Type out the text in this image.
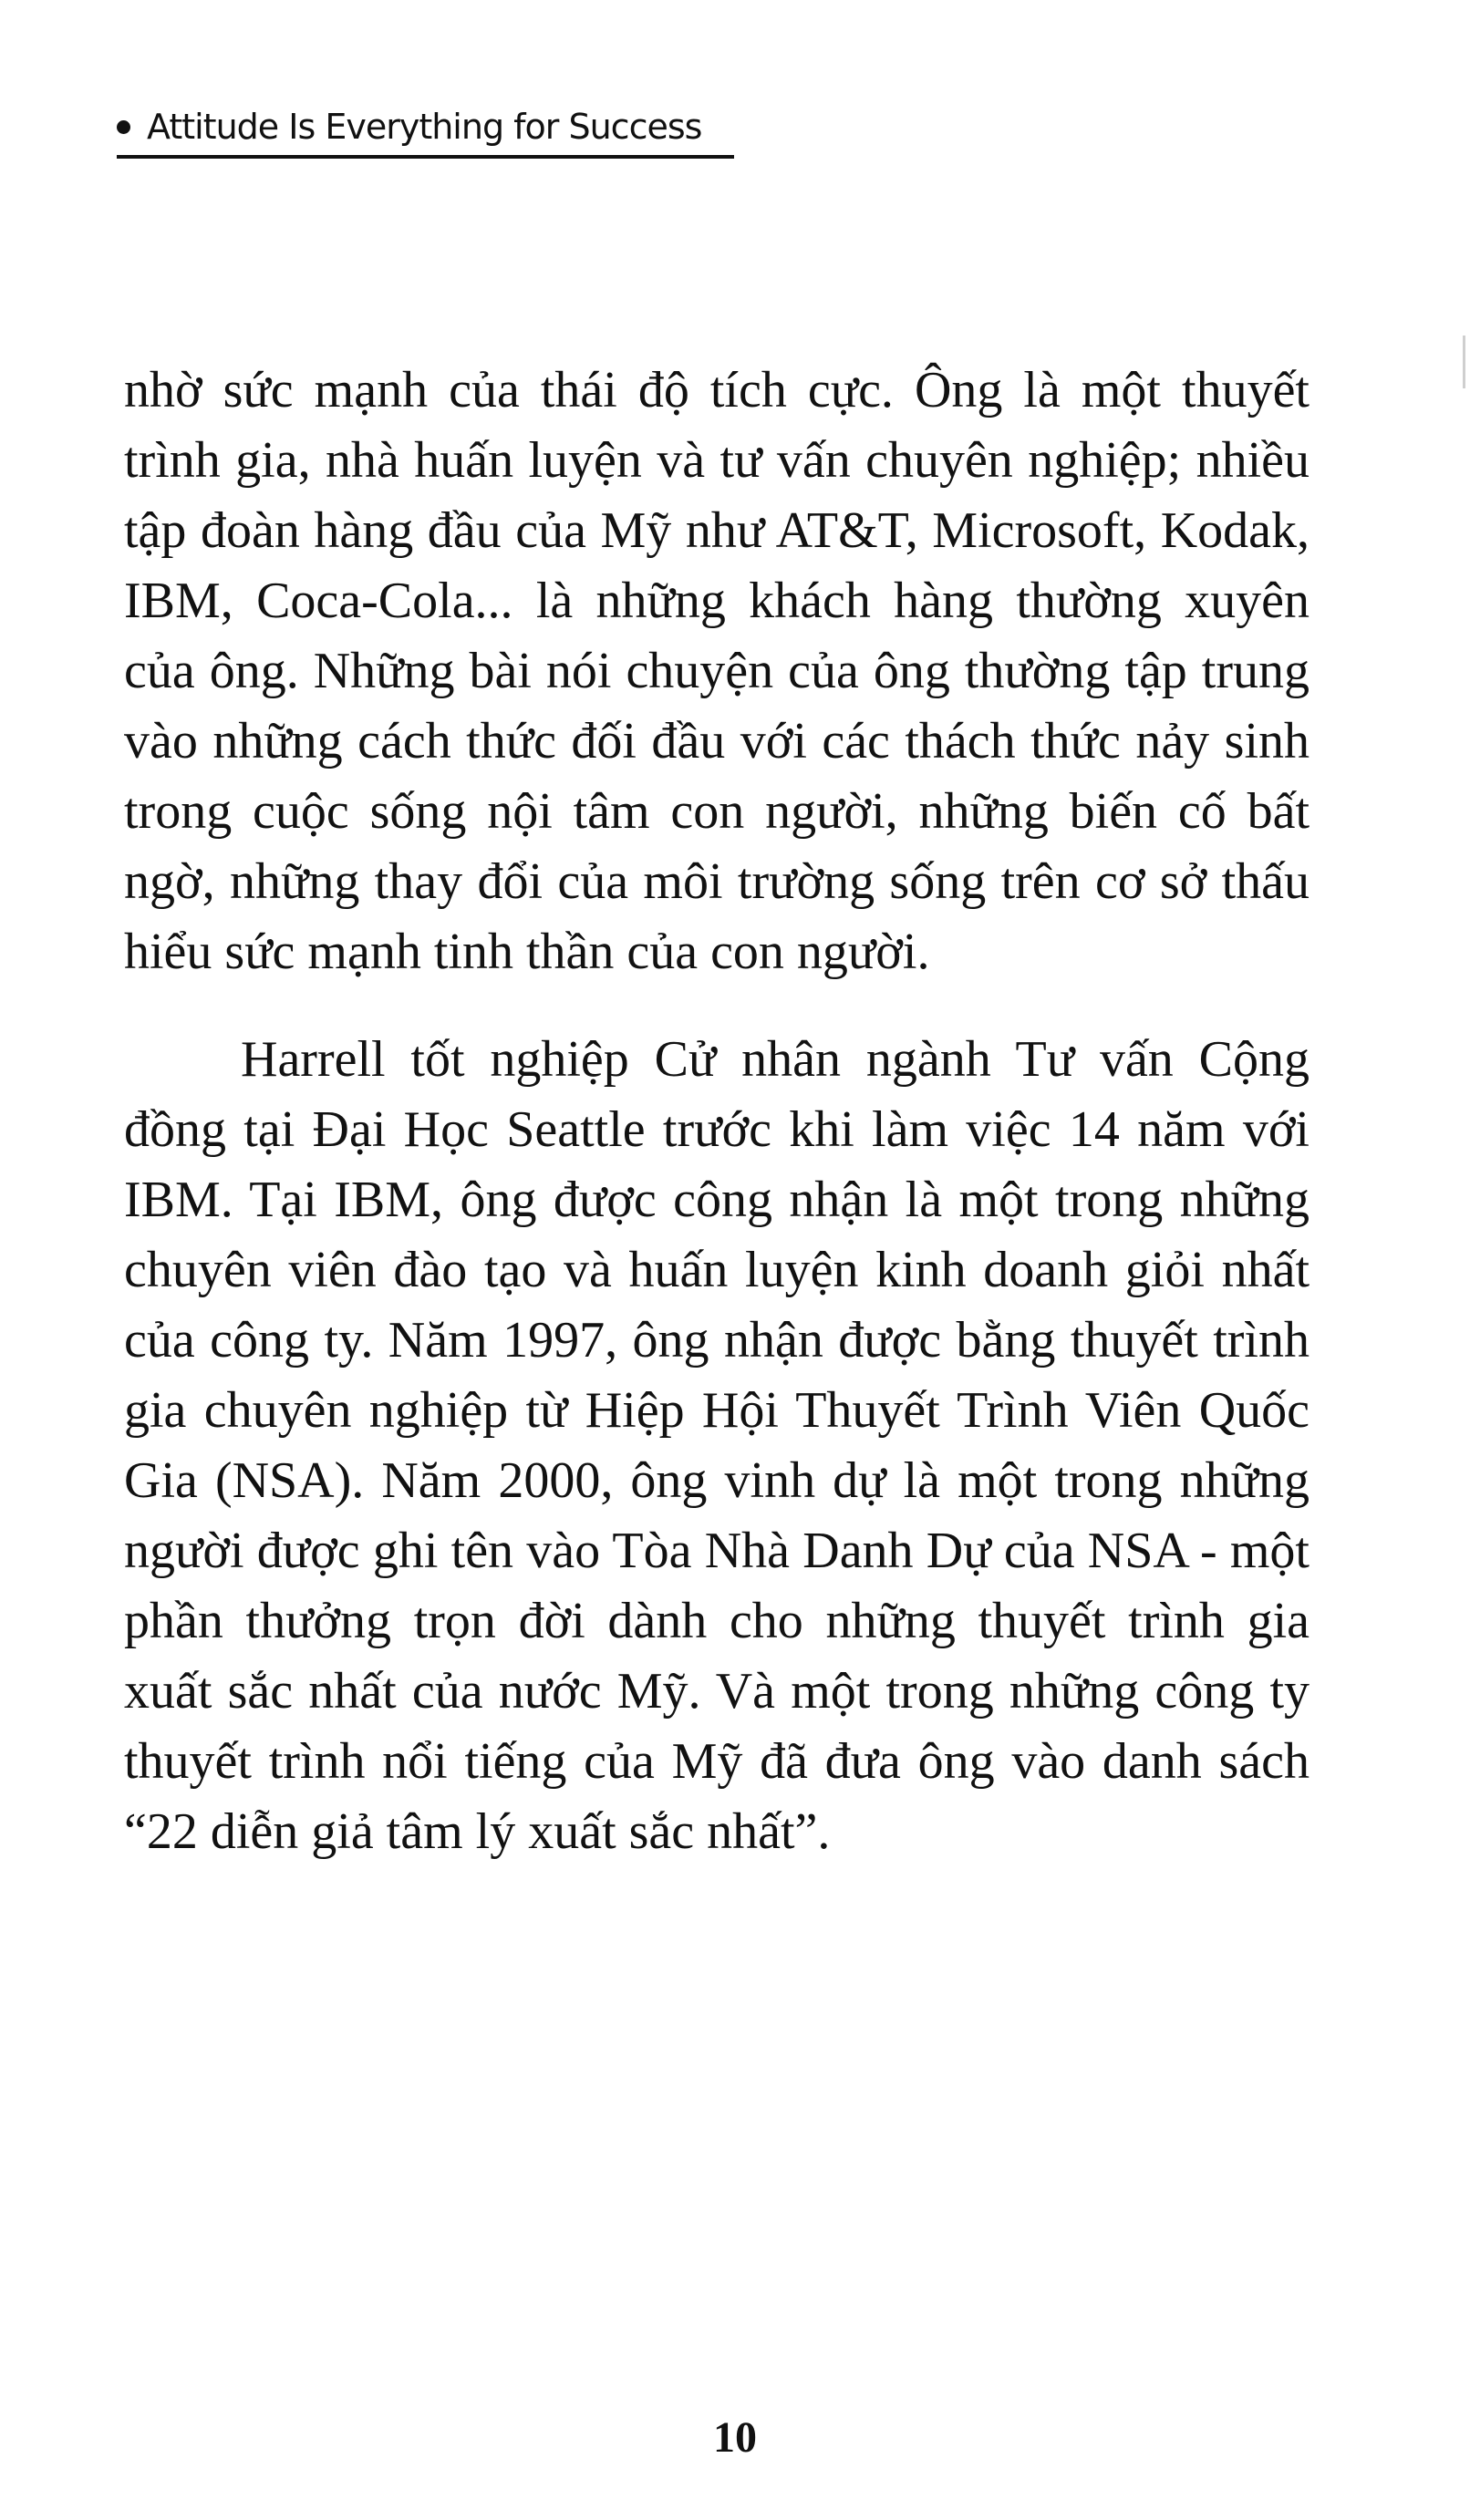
Attitude Is Everything for Success

nhờ sức mạnh của thái độ tích cực. Ông là một thuyết trình gia, nhà huấn luyện và tư vấn chuyên nghiệp; nhiều tập đoàn hàng đầu của Mỹ như AT&T, Microsoft, Kodak, IBM, Coca-Cola... là những khách hàng thường xuyên của ông. Những bài nói chuyện của ông thường tập trung vào những cách thức đối đầu với các thách thức nảy sinh trong cuộc sống nội tâm con người, những biến cố bất ngờ, những thay đổi của môi trường sống trên cơ sở thấu hiểu sức mạnh tinh thần của con người.

Harrell tốt nghiệp Cử nhân ngành Tư vấn Cộng đồng tại Đại Học Seattle trước khi làm việc 14 năm với IBM. Tại IBM, ông được công nhận là một trong những chuyên viên đào tạo và huấn luyện kinh doanh giỏi nhất của công ty. Năm 1997, ông nhận được bằng thuyết trình gia chuyên nghiệp từ Hiệp Hội Thuyết Trình Viên Quốc Gia (NSA). Năm 2000, ông vinh dự là một trong những người được ghi tên vào Tòa Nhà Danh Dự của NSA - một phần thưởng trọn đời dành cho những thuyết trình gia xuất sắc nhất của nước Mỹ. Và một trong những công ty thuyết trình nổi tiếng của Mỹ đã đưa ông vào danh sách “22 diễn giả tâm lý xuất sắc nhất”.

10
